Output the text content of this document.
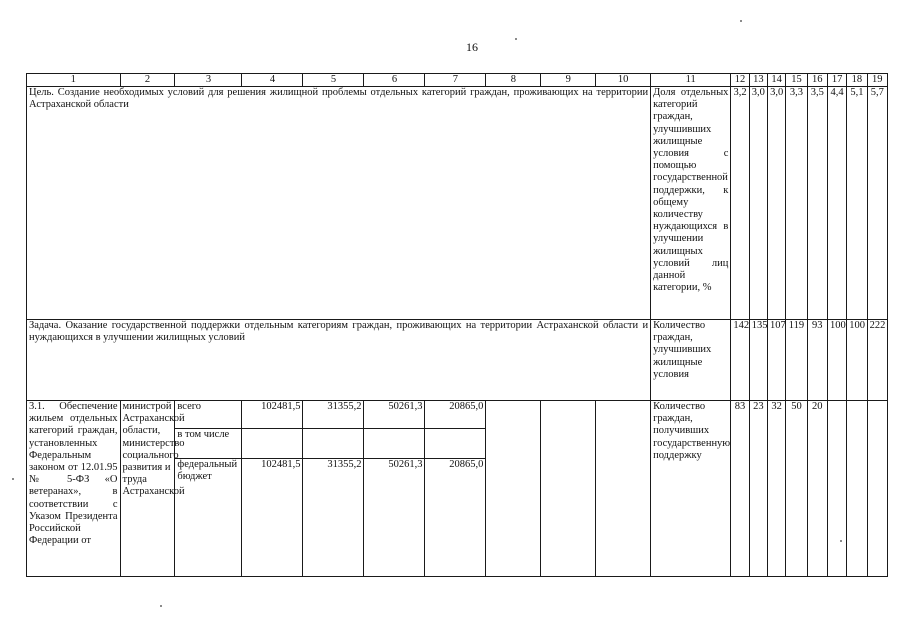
16
1	2	3	4	5	6	7	8	9	10	11	12	13	14	15	16	17	18	19
Цель. Создание необходимых условий для решения жилищной проблемы отдельных категорий граждан, проживающих на территории Астраханской области										Доля отдельных категорий граждан, улучшивших жилищные условия с помощью государственной поддержки, к общему количеству нуждающихся в улучшении жилищных условий лиц данной категории, %	3,2	3,0	3,0	3,3	3,5	4,4	5,1	5,7
Задача. Оказание государственной поддержки отдельным категориям граждан, проживающих на территории Астраханской области и нуждающихся в улучшении жилищных условий										Количество граждан, улучшивших жилищные условия	142	135	107	119	93	100	100	222
3.1. Обеспечение жильем отдельных категорий граждан, установленных Федеральным законом от 12.01.95 № 5-ФЗ «О ветеранах», в соответствии с Указом Президента Российской Федерации от	министрой Астраханской области, министерство социального развития и труда Астраханской	всего	102481,5	31355,2	50261,3	20865,0				Количество граждан, получивших государственную поддержку	83	23	32	50	20			
		в том числе																
		федеральный бюджет	102481,5	31355,2	50261,3	20865,0												
